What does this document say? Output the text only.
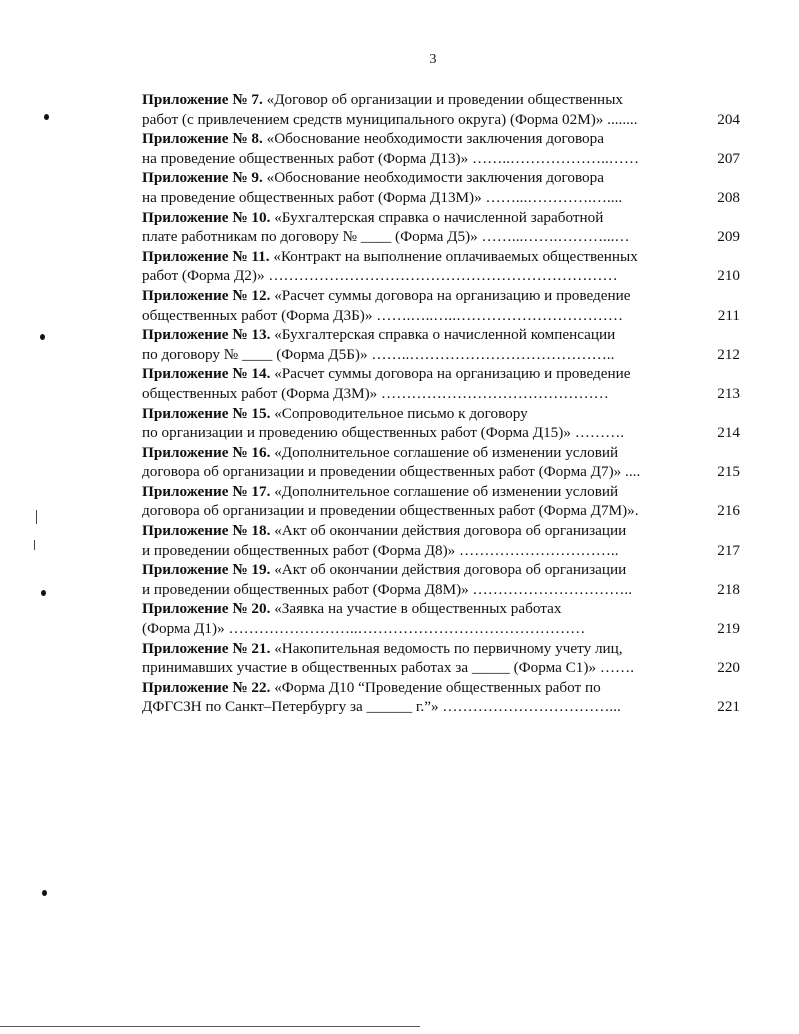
3
Приложение № 7. «Договор об организации и проведении общественных
работ (с привлечением средств муниципального округа) (Форма 02М)» ........	204
Приложение № 8. «Обоснование необходимости заключения договора
на проведение общественных работ (Форма Д13)» ……..………………..……	207
Приложение № 9. «Обоснование необходимости заключения договора
на проведение общественных работ (Форма Д13М)» ……...………….…....	208
Приложение № 10. «Бухгалтерская справка о начисленной заработной
плате работникам по договору № ____ (Форма Д5)» ……...…….………...…	209
Приложение № 11. «Контракт на выполнение оплачиваемых общественных
работ (Форма Д2)» ……………………………………………………………	210
Приложение № 12. «Расчет суммы договора на организацию и проведение
общественных работ (Форма Д3Б)» …….…..…..……………………………	211
Приложение № 13. «Бухгалтерская справка о начисленной компенсации
по договору № ____ (Форма Д5Б)» ……..…………………………………..	212
Приложение № 14. «Расчет суммы договора на организацию и проведение
общественных работ (Форма Д3М)» ………………………………………	213
Приложение № 15. «Сопроводительное письмо к договору
по организации и проведению общественных работ (Форма Д15)» ……….	214
Приложение № 16. «Дополнительное соглашение об изменении условий
договора об организации и проведении общественных работ (Форма Д7)» ....	215
Приложение № 17. «Дополнительное соглашение об изменении условий
договора об организации и проведении общественных работ (Форма Д7М)».	216
Приложение № 18. «Акт об окончании действия договора об организации
и проведении общественных работ (Форма Д8)» …………………………..	217
Приложение № 19. «Акт об окончании действия договора об организации
и проведении общественных работ (Форма Д8М)» …………………………..	218
Приложение № 20. «Заявка на участие в общественных работах
(Форма Д1)» ……………………..………………………………………	219
Приложение № 21. «Накопительная ведомость по первичному учету лиц,
принимавших участие в общественных работах за _____ (Форма С1)» …….	220
Приложение № 22. «Форма Д10 “Проведение общественных работ по
ДФГСЗН по Санкт–Петербургу за ______ г.”» ……………………………...	221
